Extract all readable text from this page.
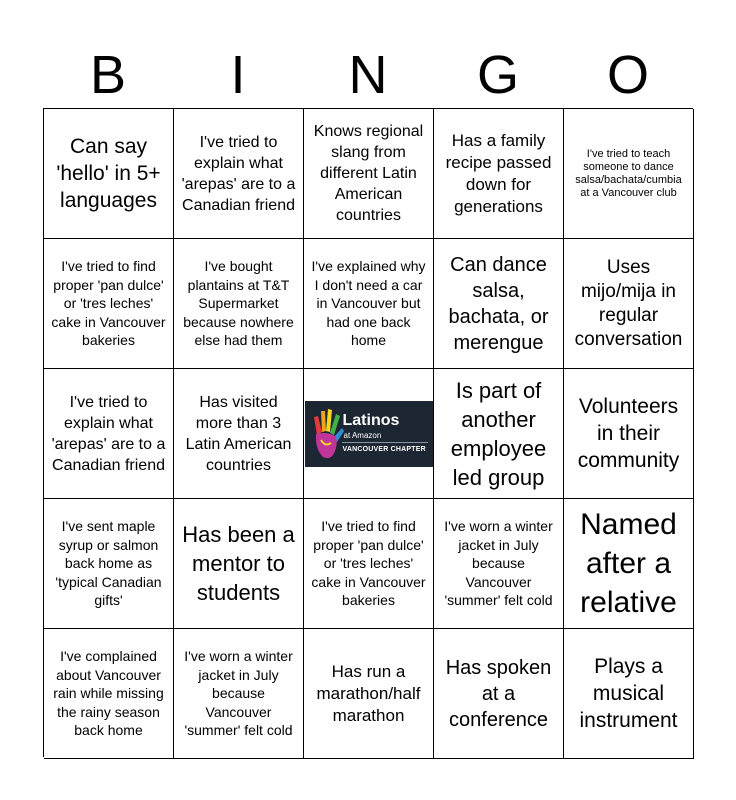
B	I	N	G	O
Can say 'hello' in 5+ languages
I've tried to explain what 'arepas' are to a Canadian friend
Knows regional slang from different Latin American countries
Has a family recipe passed down for generations
I've tried to teach someone to dance salsa/bachata/cumbia at a Vancouver club
I've tried to find proper 'pan dulce' or 'tres leches' cake in Vancouver bakeries
I've bought plantains at T&T Supermarket because nowhere else had them
I've explained why I don't need a car in Vancouver but had one back home
Can dance salsa, bachata, or merengue
Uses mijo/mija in regular conversation
I've tried to explain what 'arepas' are to a Canadian friend
Has visited more than 3 Latin American countries
Latinos
at Amazon
VANCOUVER CHAPTER
Is part of another employee led group
Volunteers in their community
I've sent maple syrup or salmon back home as 'typical Canadian gifts'
Has been a mentor to students
I've tried to find proper 'pan dulce' or 'tres leches' cake in Vancouver bakeries
I've worn a winter jacket in July because Vancouver 'summer' felt cold
Named after a relative
I've complained about Vancouver rain while missing the rainy season back home
I've worn a winter jacket in July because Vancouver 'summer' felt cold
Has run a marathon/half marathon
Has spoken at a conference
Plays a musical instrument
